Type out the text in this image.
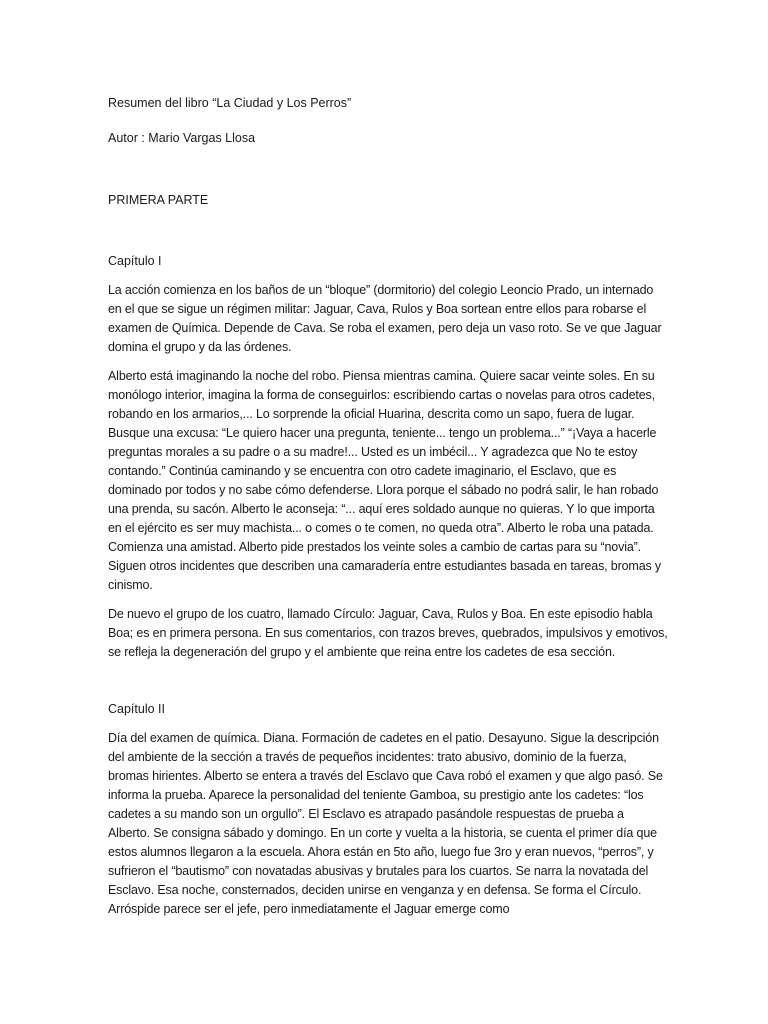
Resumen del libro “La Ciudad y Los Perros”
Autor : Mario Vargas Llosa
PRIMERA PARTE
Capítulo I

La acción comienza en los baños de un “bloque” (dormitorio) del colegio Leoncio Prado, un internado en el que se sigue un régimen militar: Jaguar, Cava, Rulos y Boa sortean entre ellos para robarse el examen de Química. Depende de Cava. Se roba el examen, pero deja un vaso roto. Se ve que Jaguar domina el grupo y da las órdenes.

Alberto está imaginando la noche del robo. Piensa mientras camina. Quiere sacar veinte soles. En su monólogo interior, imagina la forma de conseguirlos: escribiendo cartas o novelas para otros cadetes, robando en los armarios,... Lo sorprende la oficial Huarina, descrita como un sapo, fuera de lugar. Busque una excusa: “Le quiero hacer una pregunta, teniente... tengo un problema...” “¡Vaya a hacerle preguntas morales a su padre o a su madre!... Usted es un imbécil... Y agradezca que No te estoy contando.” Continúa caminando y se encuentra con otro cadete imaginario, el Esclavo, que es dominado por todos y no sabe cómo defenderse. Llora porque el sábado no podrá salir, le han robado una prenda, su sacón. Alberto le aconseja: “... aquí eres soldado aunque no quieras. Y lo que importa en el ejército es ser muy machista... o comes o te comen, no queda otra”. Alberto le roba una patada. Comienza una amistad. Alberto pide prestados los veinte soles a cambio de cartas para su “novia”. Siguen otros incidentes que describen una camaradería entre estudiantes basada en tareas, bromas y cinismo.

De nuevo el grupo de los cuatro, llamado Círculo: Jaguar, Cava, Rulos y Boa. En este episodio habla Boa; es en primera persona. En sus comentarios, con trazos breves, quebrados, impulsivos y emotivos, se refleja la degeneración del grupo y el ambiente que reina entre los cadetes de esa sección.

Capítulo II

Día del examen de química. Diana. Formación de cadetes en el patio. Desayuno. Sigue la descripción del ambiente de la sección a través de pequeños incidentes: trato abusivo, dominio de la fuerza, bromas hirientes. Alberto se entera a través del Esclavo que Cava robó el examen y que algo pasó. Se informa la prueba. Aparece la personalidad del teniente Gamboa, su prestigio ante los cadetes: “los cadetes a su mando son un orgullo”. El Esclavo es atrapado pasándole respuestas de prueba a Alberto. Se consigna sábado y domingo. En un corte y vuelta a la historia, se cuenta el primer día que estos alumnos llegaron a la escuela. Ahora están en 5to año, luego fue 3ro y eran nuevos, “perros”, y sufrieron el “bautismo” con novatadas abusivas y brutales para los cuartos. Se narra la novatada del Esclavo. Esa noche, consternados, deciden unirse en venganza y en defensa. Se forma el Círculo. Arróspide parece ser el jefe, pero inmediatamente el Jaguar emerge como
